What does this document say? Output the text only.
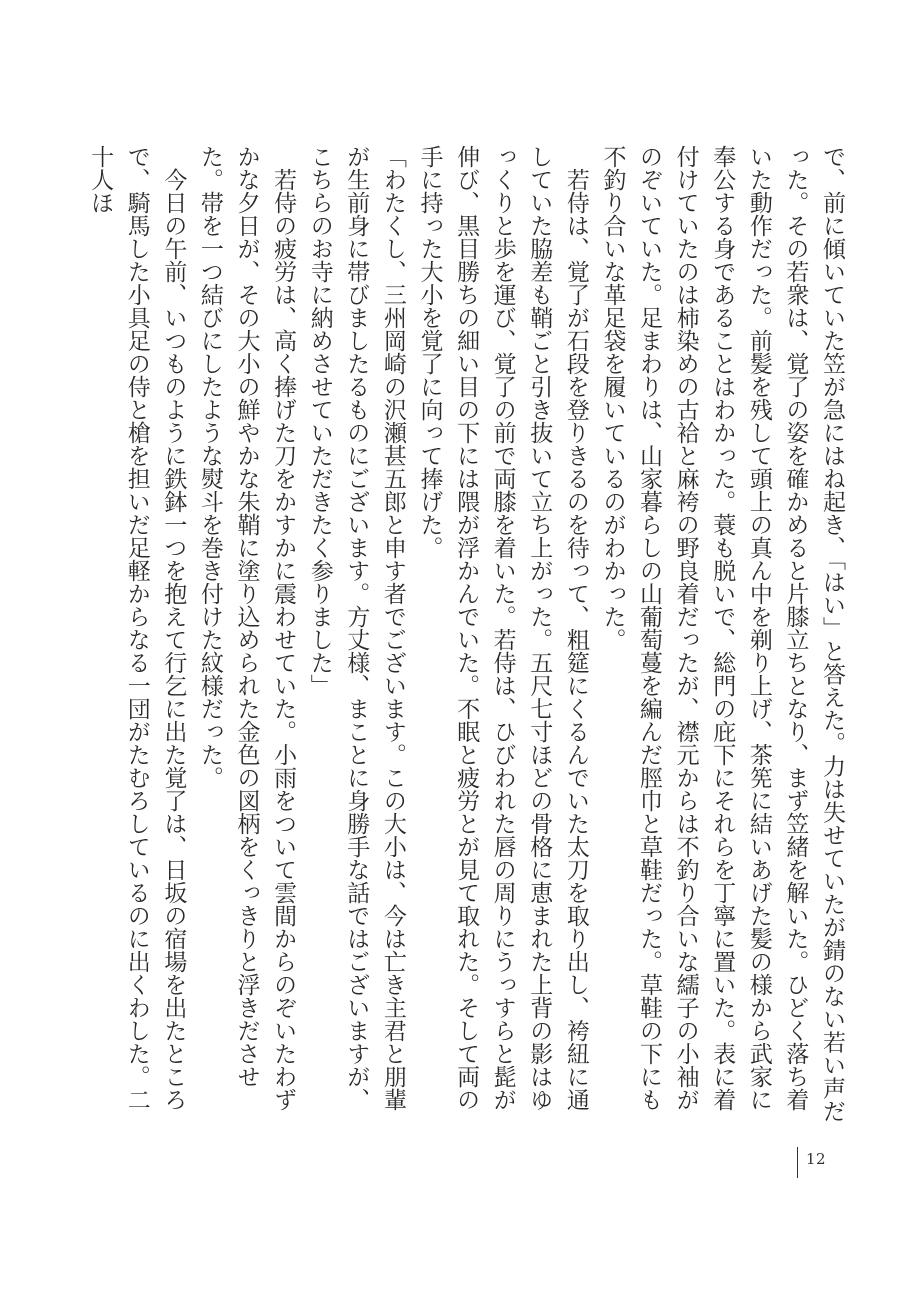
で、前に傾いていた笠が急にはね起き、「はい」と答えた。力は失せていたが錆のない若い声だった。その若衆は、覚了の姿を確かめると片膝立ちとなり、まず笠緒を解いた。ひどく落ち着いた動作だった。前髪を残して頭上の真ん中を剃り上げ、茶筅に結いあげた髪の様から武家に奉公する身であることはわかった。蓑も脱いで、総門の庇下にそれらを丁寧に置いた。表に着付けていたのは柿染めの古袷と麻袴の野良着だったが、襟元からは不釣り合いな繻子の小袖がのぞいていた。足まわりは、山家暮らしの山葡萄蔓を編んだ脛巾と草鞋だった。草鞋の下にも不釣り合いな革足袋を履いているのがわかった。

若侍は、覚了が石段を登りきるのを待って、粗筵にくるんでいた太刀を取り出し、袴紐に通していた脇差も鞘ごと引き抜いて立ち上がった。五尺七寸ほどの骨格に恵まれた上背の影はゆっくりと歩を運び、覚了の前で両膝を着いた。若侍は、ひびわれた唇の周りにうっすらと髭が伸び、黒目勝ちの細い目の下には隈が浮かんでいた。不眠と疲労とが見て取れた。そして両の手に持った大小を覚了に向って捧げた。

「わたくし、三州岡崎の沢瀬甚五郎と申す者でございます。この大小は、今は亡き主君と朋輩が生前身に帯びましたるものにございます。方丈様、まことに身勝手な話ではございますが、こちらのお寺に納めさせていただきたく参りました」

若侍の疲労は、高く捧げた刀をかすかに震わせていた。小雨をついて雲間からのぞいたわずかな夕日が、その大小の鮮やかな朱鞘に塗り込められた金色の図柄をくっきりと浮きださせた。帯を一つ結びにしたような熨斗を巻き付けた紋様だった。

今日の午前、いつものように鉄鉢一つを抱えて行乞に出た覚了は、日坂の宿場を出たところで、騎馬した小具足の侍と槍を担いだ足軽からなる一団がたむろしているのに出くわした。二十人ほ

12
